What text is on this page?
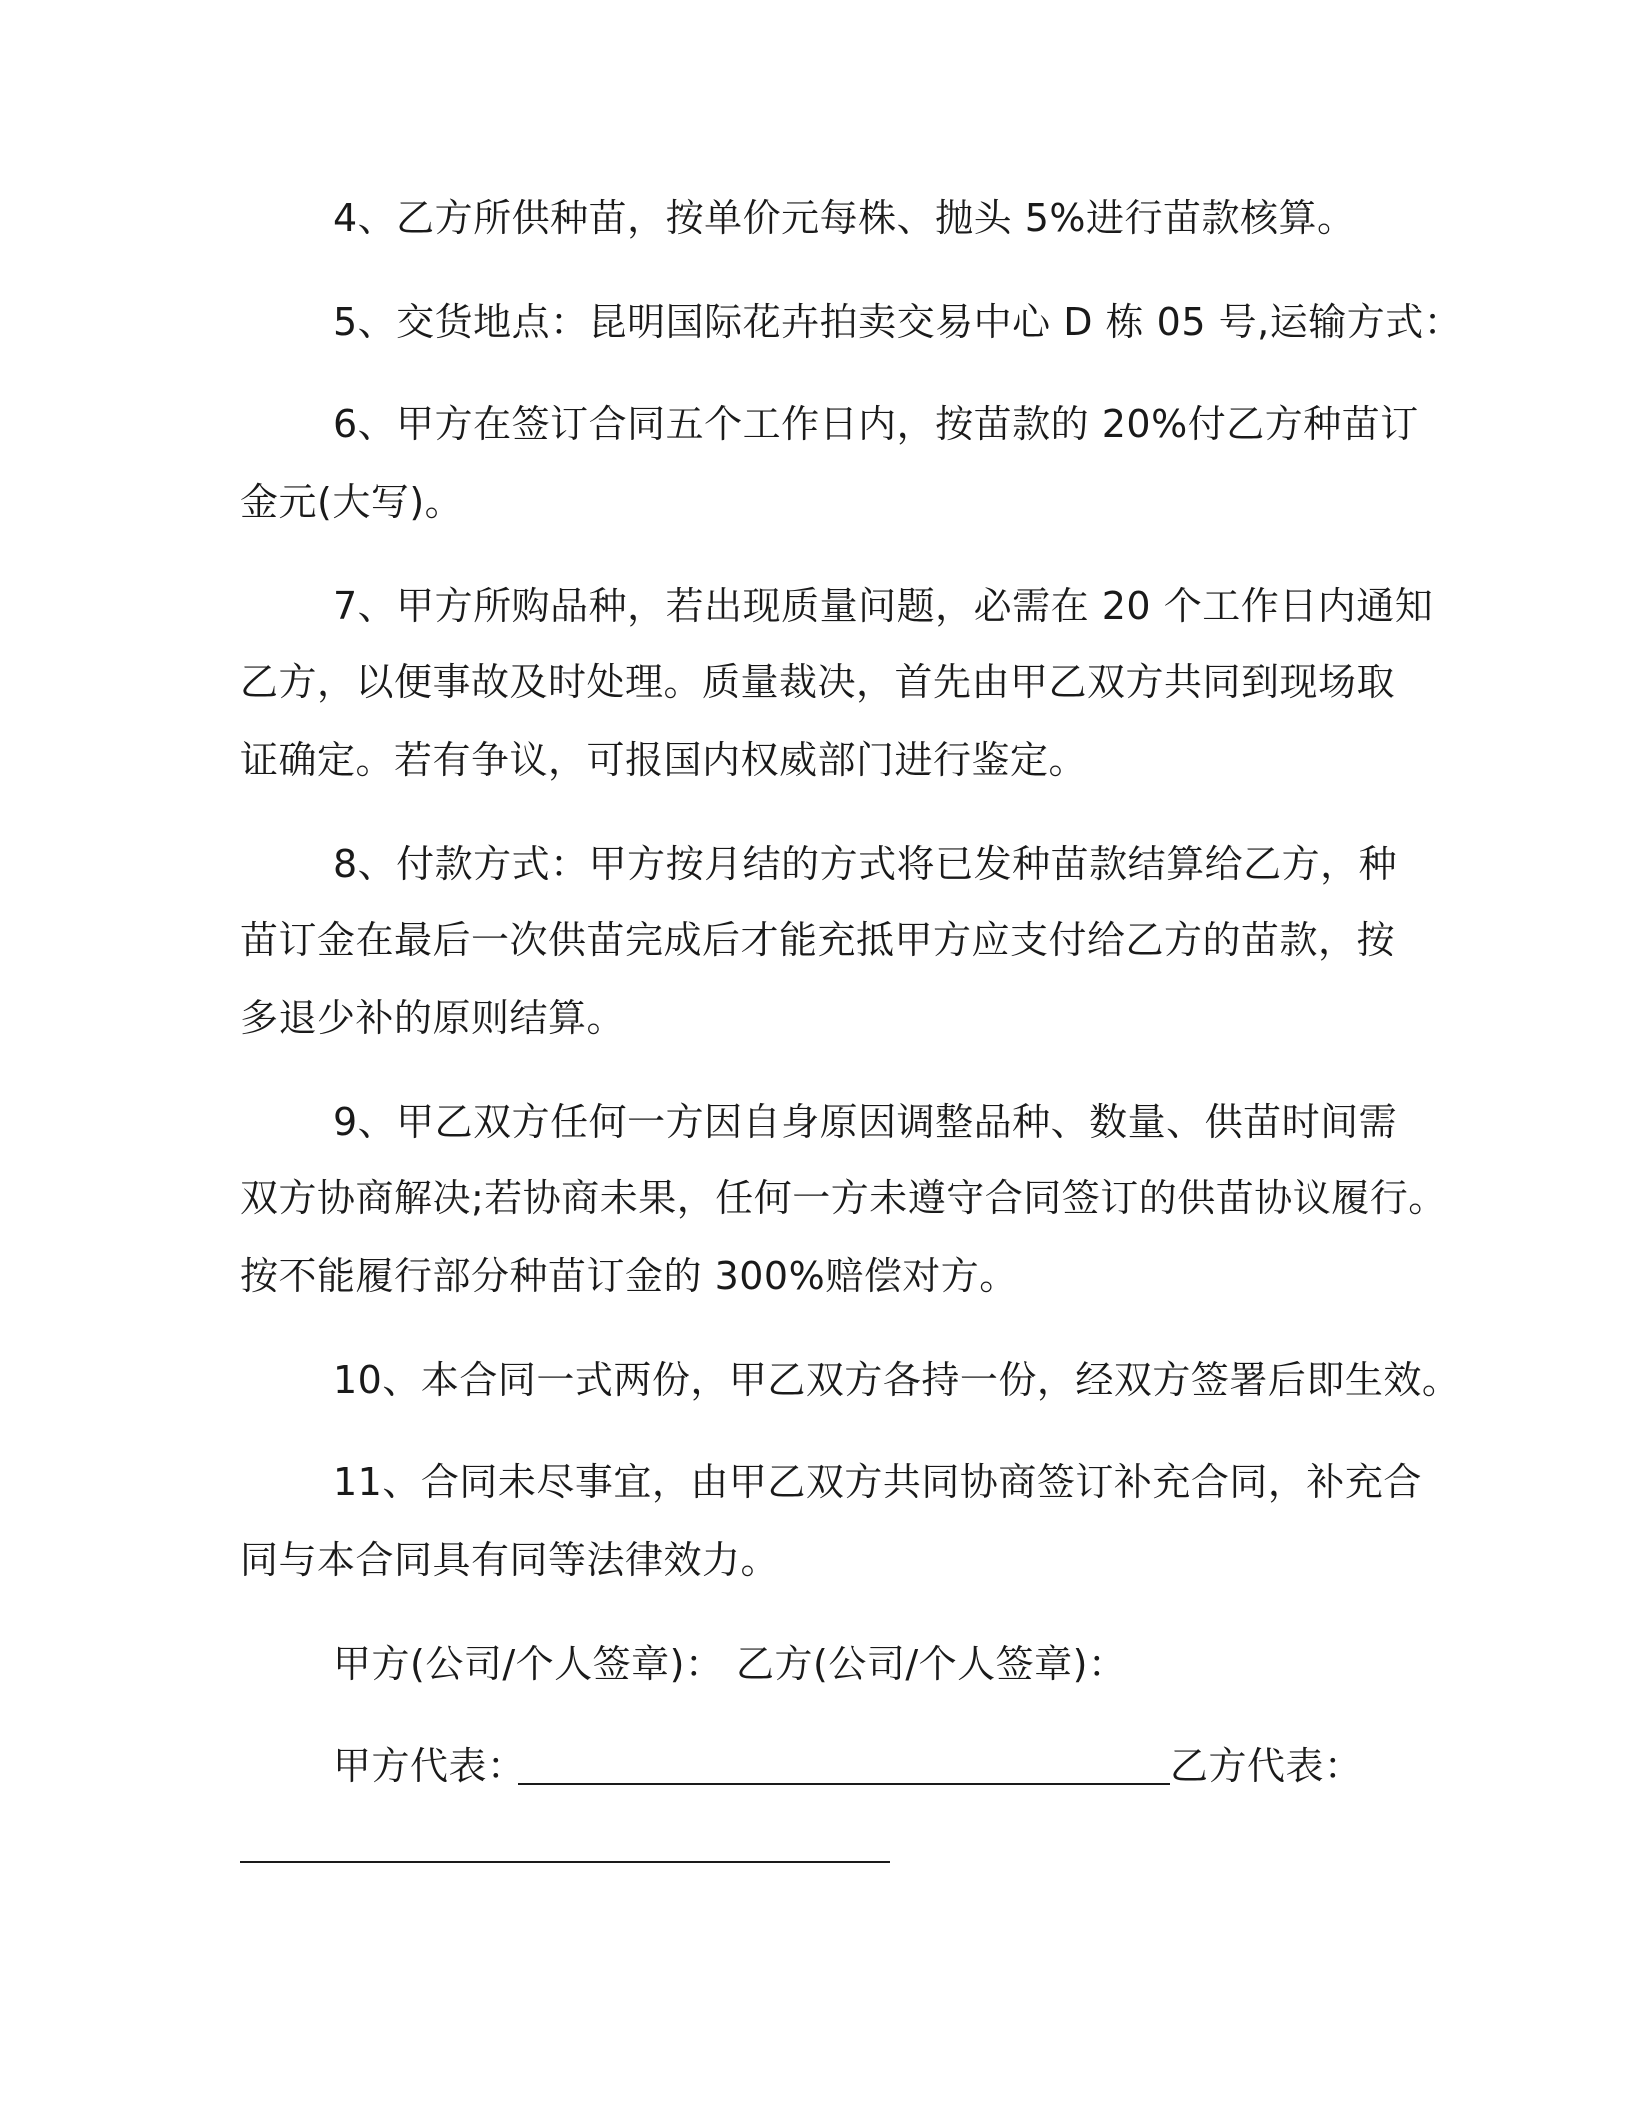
4、乙方所供种苗，按单价元每株、抛头 5%进行苗款核算。
5、交货地点：昆明国际花卉拍卖交易中心 D 栋 05 号,运输方式：
6、甲方在签订合同五个工作日内，按苗款的 20%付乙方种苗订
金元(大写)。
7、甲方所购品种，若出现质量问题，必需在 20 个工作日内通知
乙方，以便事故及时处理。质量裁决，首先由甲乙双方共同到现场取
证确定。若有争议，可报国内权威部门进行鉴定。
8、付款方式：甲方按月结的方式将已发种苗款结算给乙方，种
苗订金在最后一次供苗完成后才能充抵甲方应支付给乙方的苗款，按
多退少补的原则结算。
9、甲乙双方任何一方因自身原因调整品种、数量、供苗时间需
双方协商解决;若协商未果，任何一方未遵守合同签订的供苗协议履行。
按不能履行部分种苗订金的 300%赔偿对方。
10、本合同一式两份，甲乙双方各持一份，经双方签署后即生效。
11、合同未尽事宜，由甲乙双方共同协商签订补充合同，补充合
同与本合同具有同等法律效力。
甲方(公司/个人签章)： 乙方(公司/个人签章)：
甲方代表：	乙方代表：
